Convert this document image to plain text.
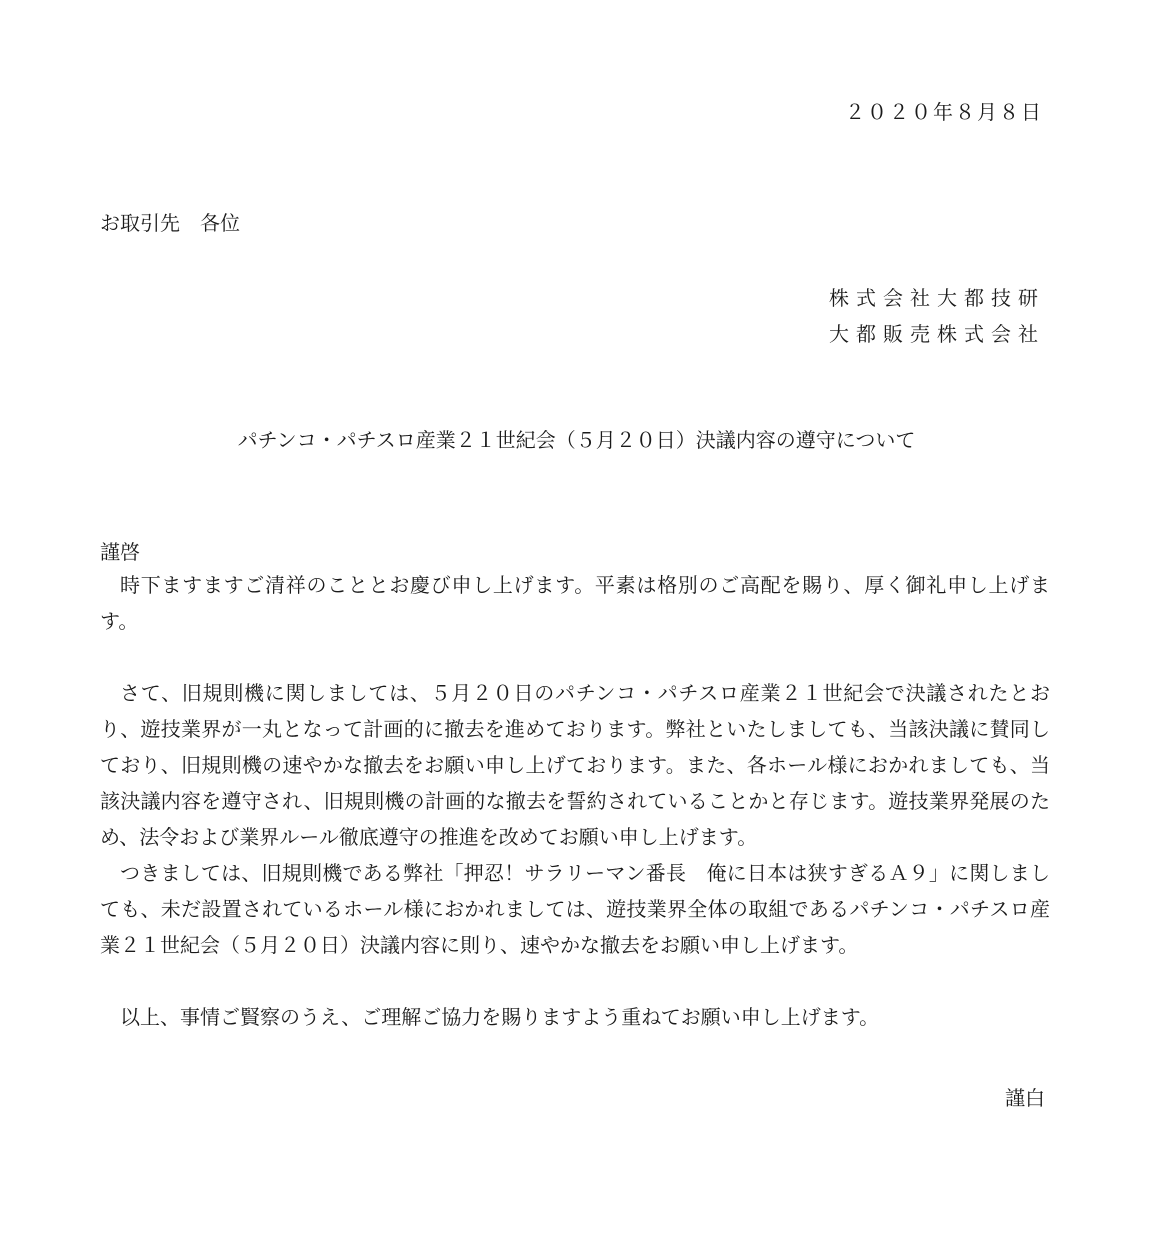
２０２０年８月８日
お取引先　各位
株式会社大都技研
大都販売株式会社
パチンコ・パチスロ産業２１世紀会（５月２０日）決議内容の遵守について
謹啓

時下ますますご清祥のこととお慶び申し上げます。平素は格別のご高配を賜り、厚く御礼申し上げます。

さて、旧規則機に関しましては、５月２０日のパチンコ・パチスロ産業２１世紀会で決議されたとおり、遊技業界が一丸となって計画的に撤去を進めております。弊社といたしましても、当該決議に賛同しており、旧規則機の速やかな撤去をお願い申し上げております。また、各ホール様におかれましても、当該決議内容を遵守され、旧規則機の計画的な撤去を誓約されていることかと存じます。遊技業界発展のため、法令および業界ルール徹底遵守の推進を改めてお願い申し上げます。

つきましては、旧規則機である弊社「押忍！サラリーマン番長　俺に日本は狭すぎるＡ９」に関しましても、未だ設置されているホール様におかれましては、遊技業界全体の取組であるパチンコ・パチスロ産業２１世紀会（５月２０日）決議内容に則り、速やかな撤去をお願い申し上げます。

以上、事情ご賢察のうえ、ご理解ご協力を賜りますよう重ねてお願い申し上げます。

謹白
